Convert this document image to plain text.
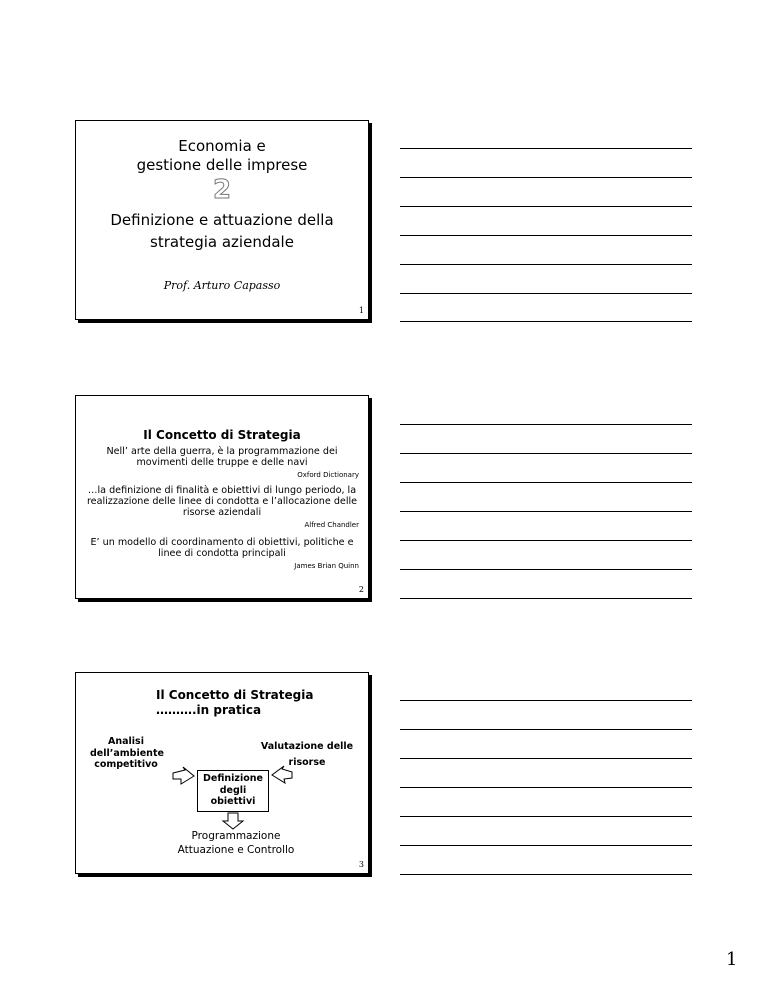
Economia e
gestione delle imprese
2
Definizione e attuazione della
strategia aziendale
Prof. Arturo Capasso
1
Il Concetto di Strategia
Nell’ arte della guerra, è la programmazione dei movimenti delle truppe e delle navi
Oxford Dictionary
…la definizione di finalità e obiettivi di lungo periodo, la realizzazione delle linee di condotta e l’allocazione delle risorse aziendali
Alfred Chandler
E’ un modello di coordinamento di obiettivi, politiche e linee di condotta principali
James Brian Quinn
2
Il Concetto di Strategia
……….in pratica
Analisi
dell’ambiente
competitivo
Valutazione delle
risorse
Definizione
degli
obiettivi
Programmazione
Attuazione e Controllo
3
1
